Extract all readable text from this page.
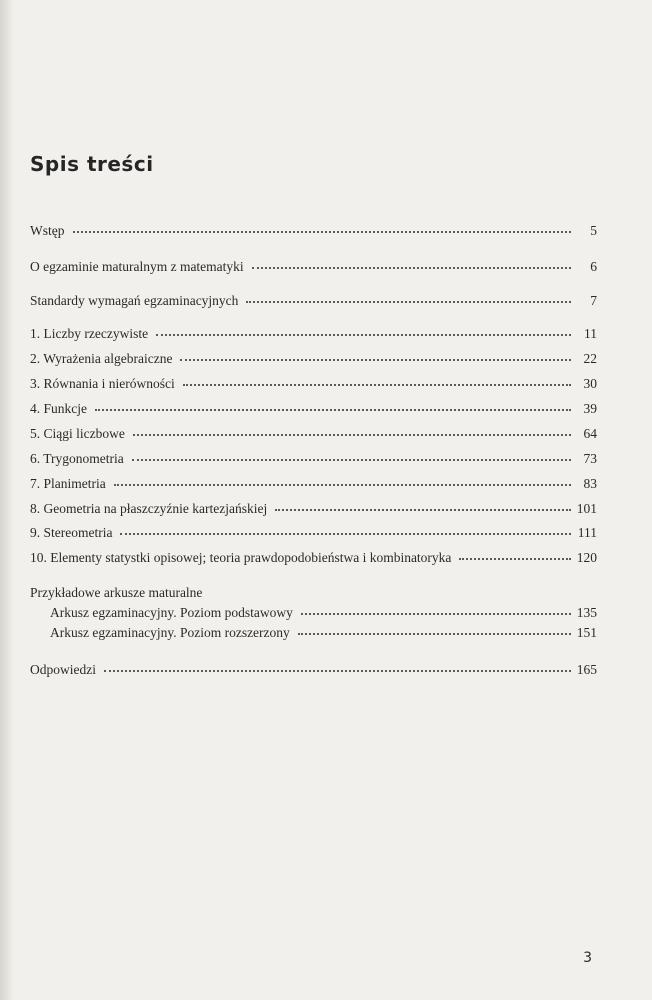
Spis treści
Wstęp	5
O egzaminie maturalnym z matematyki	6
Standardy wymagań egzaminacyjnych	7
1. Liczby rzeczywiste	11
2. Wyrażenia algebraiczne	22
3. Równania i nierówności	30
4. Funkcje	39
5. Ciągi liczbowe	64
6. Trygonometria	73
7. Planimetria	83
8. Geometria na płaszczyźnie kartezjańskiej	101
9. Stereometria	111
10. Elementy statystki opisowej; teoria prawdopodobieństwa i kombinatoryka	120
Przykładowe arkusze maturalne
Arkusz egzaminacyjny. Poziom podstawowy	135
Arkusz egzaminacyjny. Poziom rozszerzony	151
Odpowiedzi	165
3
